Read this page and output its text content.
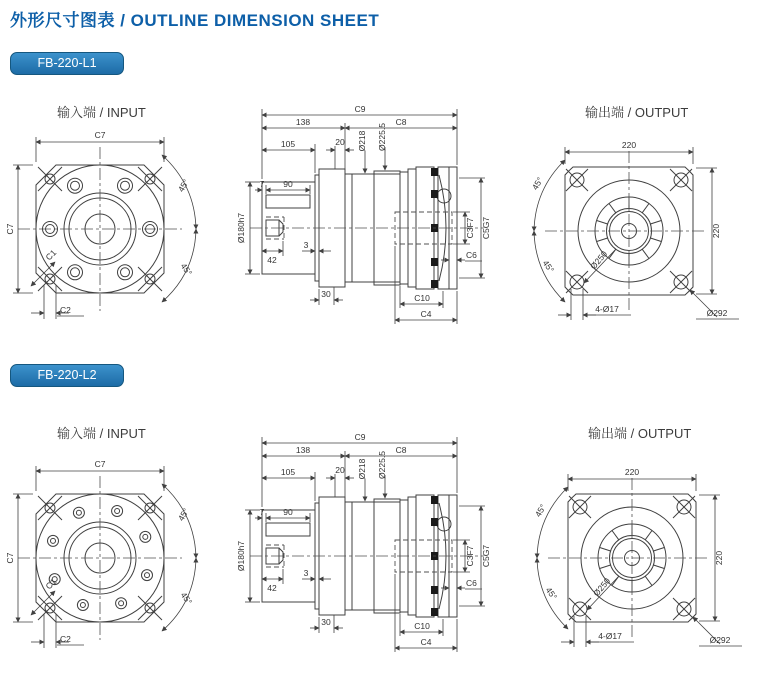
外形尺寸图表 / OUTLINE DIMENSION SHEET
FB-220-L1
输入端 / INPUT	输出端 / OUTPUT
C7
C7
C1
C2
45°
45°
C9
138	C8
105	20 Ø218 Ø225.5
Ø180h7
7 90
42
3
30	C10
C4
C3F7 C5G7
C6
220
220
45°
45°	Ø250
4-Ø17	Ø292
FB-220-L2
输入端 / INPUT	输出端 / OUTPUT
C7
C7
C1
C2
45°
45°
C9
138	C8
105	20 Ø218 Ø225.5
Ø180h7
7 90
42
3
30	C10
C4
C3F7 C5G7
C6
220
220
45°
45°	Ø250
4-Ø17	Ø292
